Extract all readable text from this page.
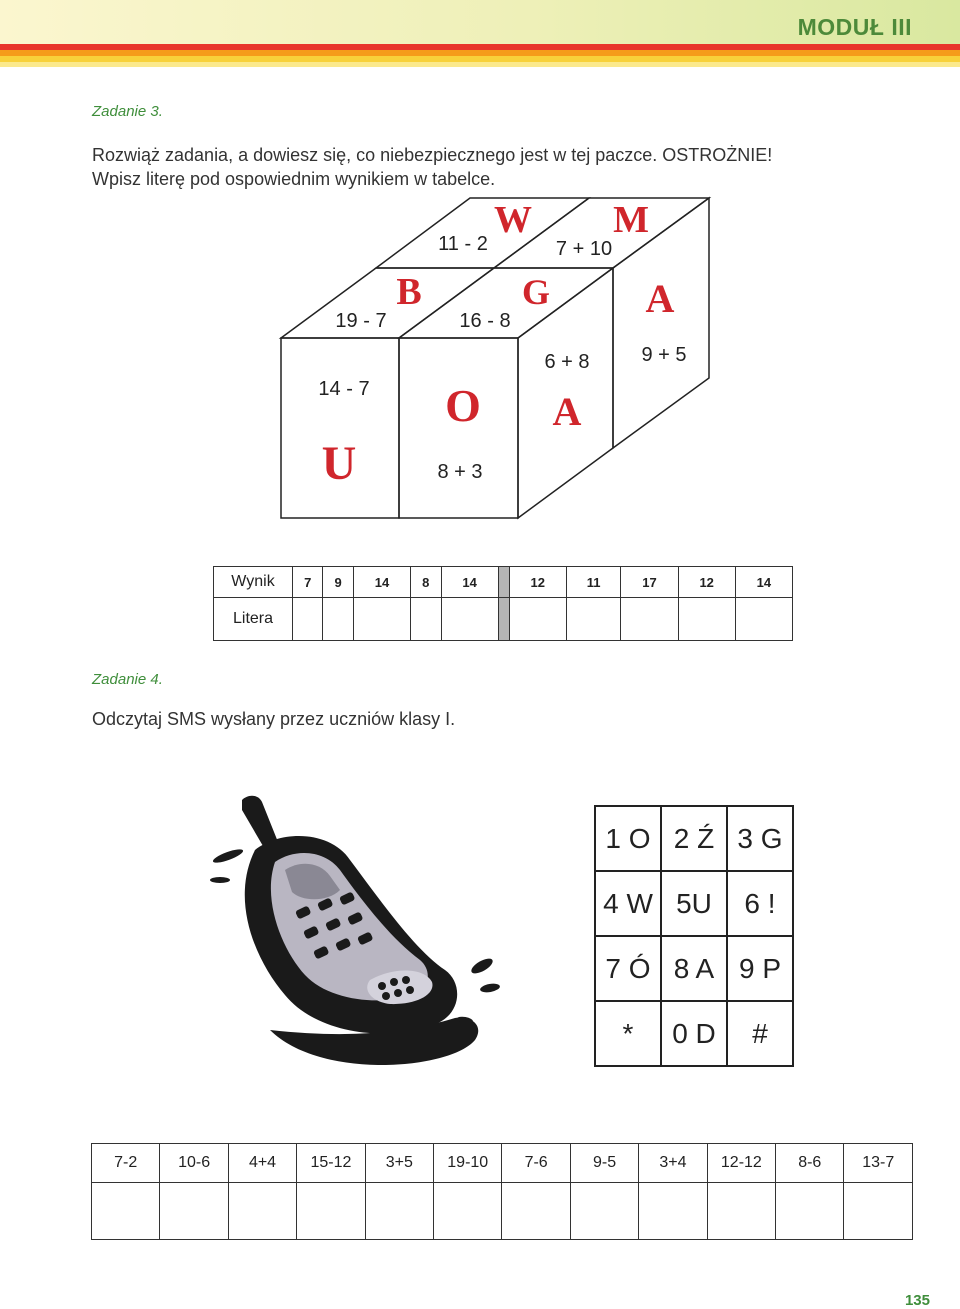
MODUŁ III
Zadanie 3.
Rozwiąż zadania, a dowiesz się, co niebezpiecznego jest w tej paczce. OSTROŻNIE!
Wpisz literę pod ospowiednim wynikiem w tabelce.
11 - 2	7 + 10
19 - 7	16 - 8
14 - 7
8 + 3
6 + 8	9 + 5
W M
B	G A
O
U
A
Wynik	7	9	14	8	14		12	11	17	12	14
Litera											
Zadanie 4.
Odczytaj SMS wysłany przez uczniów klasy I.
1 O	2 Ź	3 G
4 W	5U	6 !
7 Ó	8 A	9 P
*	0 D	#
7-2	10-6	4+4	15-12	3+5	19-10	7-6	9-5	3+4	12-12	8-6	13-7

135
